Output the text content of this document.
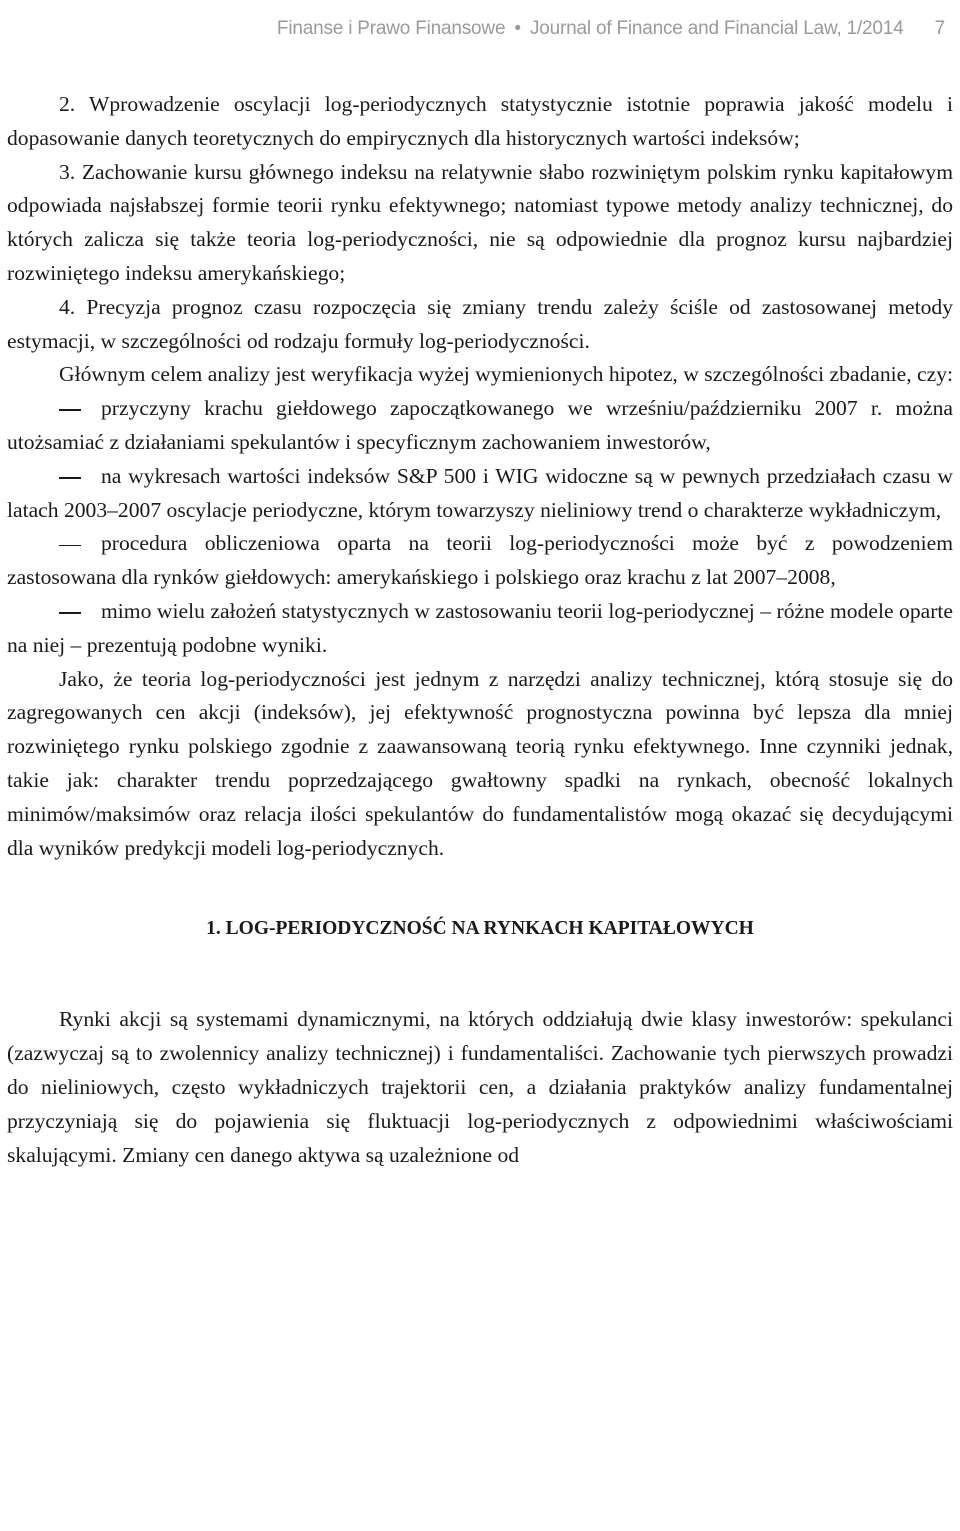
Finanse i Prawo Finansowe • Journal of Finance and Financial Law, 1/2014 7

2. Wprowadzenie oscylacji log-periodycznych statystycznie istotnie poprawia jakość modelu i dopasowanie danych teoretycznych do empirycznych dla historycznych wartości indeksów;

3. Zachowanie kursu głównego indeksu na relatywnie słabo rozwiniętym polskim rynku kapitałowym odpowiada najsłabszej formie teorii rynku efektywnego; natomiast typowe metody analizy technicznej, do których zalicza się także teoria log-periodyczności, nie są odpowiednie dla prognoz kursu najbardziej rozwiniętego indeksu amerykańskiego;

4. Precyzja prognoz czasu rozpoczęcia się zmiany trendu zależy ściśle od zastosowanej metody estymacji, w szczególności od rodzaju formuły log-periodyczności.

Głównym celem analizy jest weryfikacja wyżej wymienionych hipotez, w szczególności zbadanie, czy:

przyczyny krachu giełdowego zapoczątkowanego we wrześniu/październiku 2007 r. można utożsamiać z działaniami spekulantów i specyficznym zachowaniem inwestorów,

na wykresach wartości indeksów S&P 500 i WIG widoczne są w pewnych przedziałach czasu w latach 2003–2007 oscylacje periodyczne, którym towarzyszy nieliniowy trend o charakterze wykładniczym,

procedura obliczeniowa oparta na teorii log-periodyczności może być z powodzeniem zastosowana dla rynków giełdowych: amerykańskiego i polskiego oraz krachu z lat 2007–2008,

mimo wielu założeń statystycznych w zastosowaniu teorii log-periodycznej – różne modele oparte na niej – prezentują podobne wyniki.

Jako, że teoria log-periodyczności jest jednym z narzędzi analizy technicznej, którą stosuje się do zagregowanych cen akcji (indeksów), jej efektywność prognostyczna powinna być lepsza dla mniej rozwiniętego rynku polskiego zgodnie z zaawansowaną teorią rynku efektywnego. Inne czynniki jednak, takie jak: charakter trendu poprzedzającego gwałtowny spadki na rynkach, obecność lokalnych minimów/maksimów oraz relacja ilości spekulantów do fundamentalistów mogą okazać się decydującymi dla wyników predykcji modeli log-periodycznych.

1. LOG-PERIODYCZNOŚĆ NA RYNKACH KAPITAŁOWYCH

Rynki akcji są systemami dynamicznymi, na których oddziałują dwie klasy inwestorów: spekulanci (zazwyczaj są to zwolennicy analizy technicznej) i fundamentaliści. Zachowanie tych pierwszych prowadzi do nieliniowych, często wykładniczych trajektorii cen, a działania praktyków analizy fundamentalnej przyczyniają się do pojawienia się fluktuacji log-periodycznych z odpowiednimi właściwościami skalującymi. Zmiany cen danego aktywa są uzależnione od
